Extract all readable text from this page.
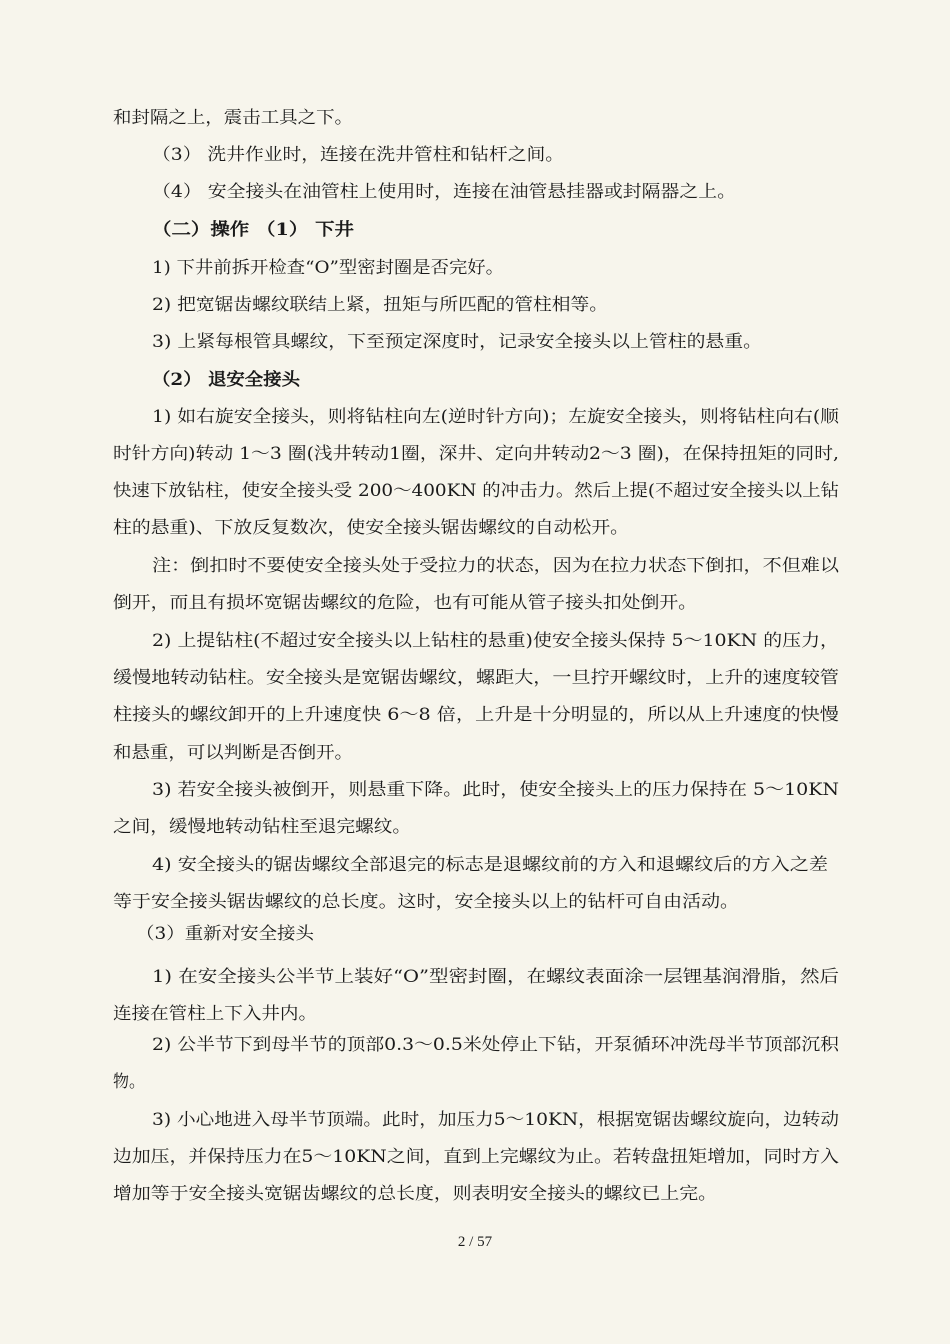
和封隔之上，震击工具之下。
（3） 洗井作业时，连接在洗井管柱和钻杆之间。
（4） 安全接头在油管柱上使用时，连接在油管悬挂器或封隔器之上。
（二）操作 （1） 下井
1) 下井前拆开检查“O”型密封圈是否完好。
2) 把宽锯齿螺纹联结上紧，扭矩与所匹配的管柱相等。
3) 上紧每根管具螺纹，下至预定深度时，记录安全接头以上管柱的悬重。
（2） 退安全接头
1) 如右旋安全接头，则将钻柱向左(逆时针方向)；左旋安全接头，则将钻柱向右(顺
时针方向)转动 1～3 圈(浅井转动1圈，深井、定向井转动2～3 圈)，在保持扭矩的同时,
快速下放钻柱，使安全接头受 200～400KN 的冲击力。然后上提(不超过安全接头以上钻
柱的悬重)、下放反复数次，使安全接头锯齿螺纹的自动松开。
注：倒扣时不要使安全接头处于受拉力的状态，因为在拉力状态下倒扣，不但难以
倒开，而且有损坏宽锯齿螺纹的危险，也有可能从管子接头扣处倒开。
2) 上提钻柱(不超过安全接头以上钻柱的悬重)使安全接头保持 5～10KN 的压力，
缓慢地转动钻柱。安全接头是宽锯齿螺纹，螺距大，一旦拧开螺纹时，上升的速度较管
柱接头的螺纹卸开的上升速度快 6～8 倍，上升是十分明显的，所以从上升速度的快慢
和悬重，可以判断是否倒开。
3) 若安全接头被倒开，则悬重下降。此时，使安全接头上的压力保持在 5～10KN
之间，缓慢地转动钻柱至退完螺纹。
4) 安全接头的锯齿螺纹全部退完的标志是退螺纹前的方入和退螺纹后的方入之差
等于安全接头锯齿螺纹的总长度。这时，安全接头以上的钻杆可自由活动。
（3）重新对安全接头
1) 在安全接头公半节上装好“O”型密封圈，在螺纹表面涂一层锂基润滑脂，然后
连接在管柱上下入井内。
2) 公半节下到母半节的顶部0.3～0.5米处停止下钻，开泵循环冲洗母半节顶部沉积
物。
3) 小心地进入母半节顶端。此时，加压力5～10KN，根据宽锯齿螺纹旋向，边转动
边加压，并保持压力在5～10KN之间，直到上完螺纹为止。若转盘扭矩增加，同时方入
增加等于安全接头宽锯齿螺纹的总长度，则表明安全接头的螺纹已上完。
2 / 57
